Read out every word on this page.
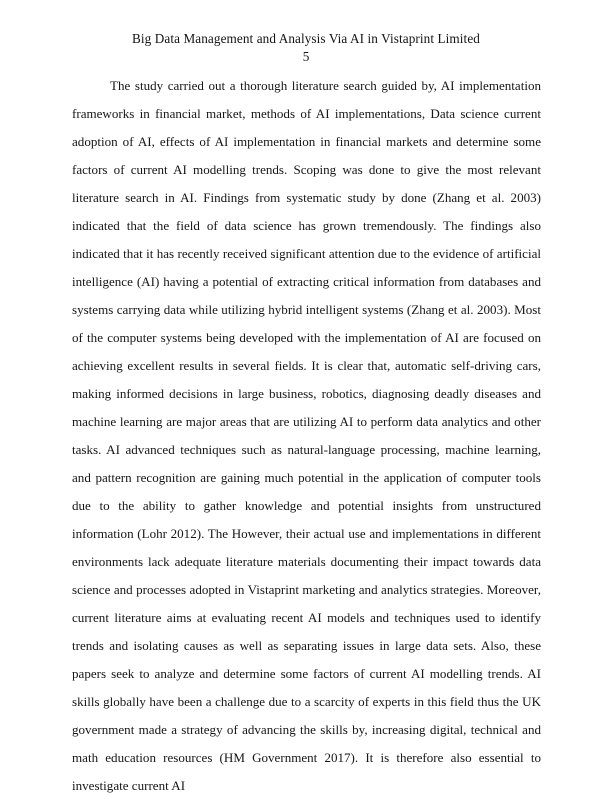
Big Data Management and Analysis Via AI in Vistaprint Limited
5

The study carried out a thorough literature search guided by, AI implementation frameworks in financial market, methods of AI implementations, Data science current adoption of AI, effects of AI implementation in financial markets and determine some factors of current AI modelling trends. Scoping was done to give the most relevant literature search in AI. Findings from systematic study by done (Zhang et al. 2003) indicated that the field of data science has grown tremendously. The findings also indicated that it has recently received significant attention due to the evidence of artificial intelligence (AI) having a potential of extracting critical information from databases and systems carrying data while utilizing hybrid intelligent systems (Zhang et al. 2003). Most of the computer systems being developed with the implementation of AI are focused on achieving excellent results in several fields. It is clear that, automatic self-driving cars, making informed decisions in large business, robotics, diagnosing deadly diseases and machine learning are major areas that are utilizing AI to perform data analytics and other tasks. AI advanced techniques such as natural-language processing, machine learning, and pattern recognition are gaining much potential in the application of computer tools due to the ability to gather knowledge and potential insights from unstructured information (Lohr 2012). The However, their actual use and implementations in different environments lack adequate literature materials documenting their impact towards data science and processes adopted in Vistaprint marketing and analytics strategies. Moreover, current literature aims at evaluating recent AI models and techniques used to identify trends and isolating causes as well as separating issues in large data sets. Also, these papers seek to analyze and determine some factors of current AI modelling trends. AI skills globally have been a challenge due to a scarcity of experts in this field thus the UK government made a strategy of advancing the skills by, increasing digital, technical and math education resources (HM Government 2017). It is therefore also essential to investigate current AI
